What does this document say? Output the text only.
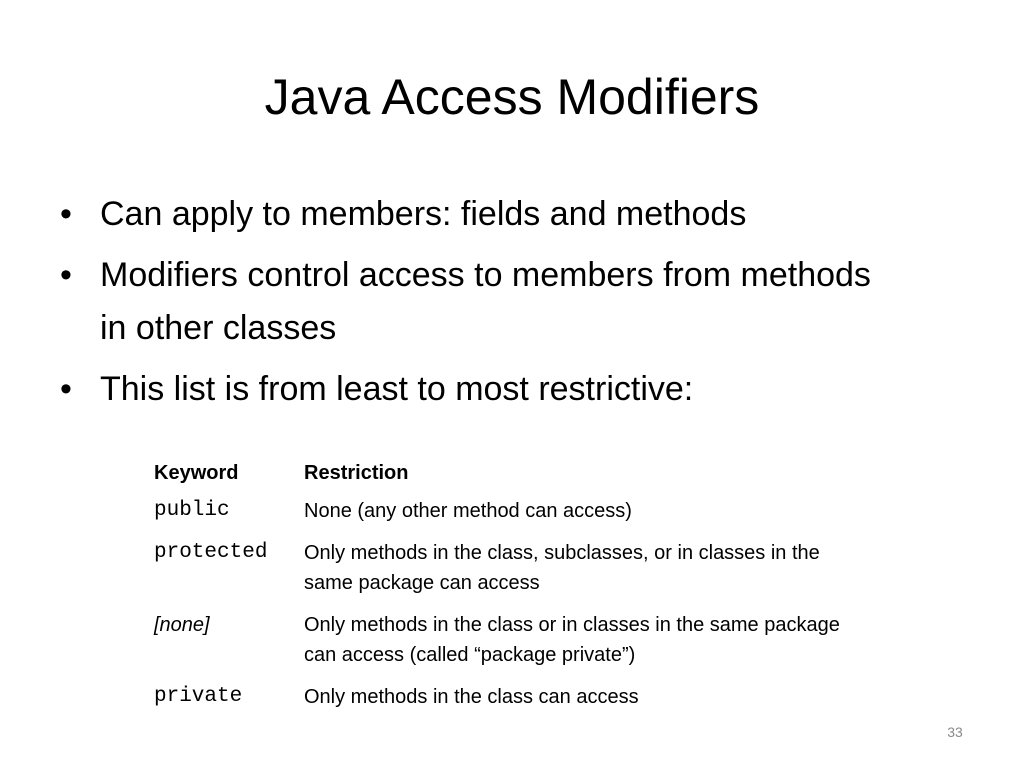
Java Access Modifiers
• Can apply to members: fields and methods
• Modifiers control access to members from methods in other classes
• This list is from least to most restrictive:
Keyword	Restriction
public	None (any other method can access)
protected	Only methods in the class, subclasses, or in classes in the same package can access
[none]	Only methods in the class or in classes in the same package can access (called “package private”)
private	Only methods in the class can access
33
